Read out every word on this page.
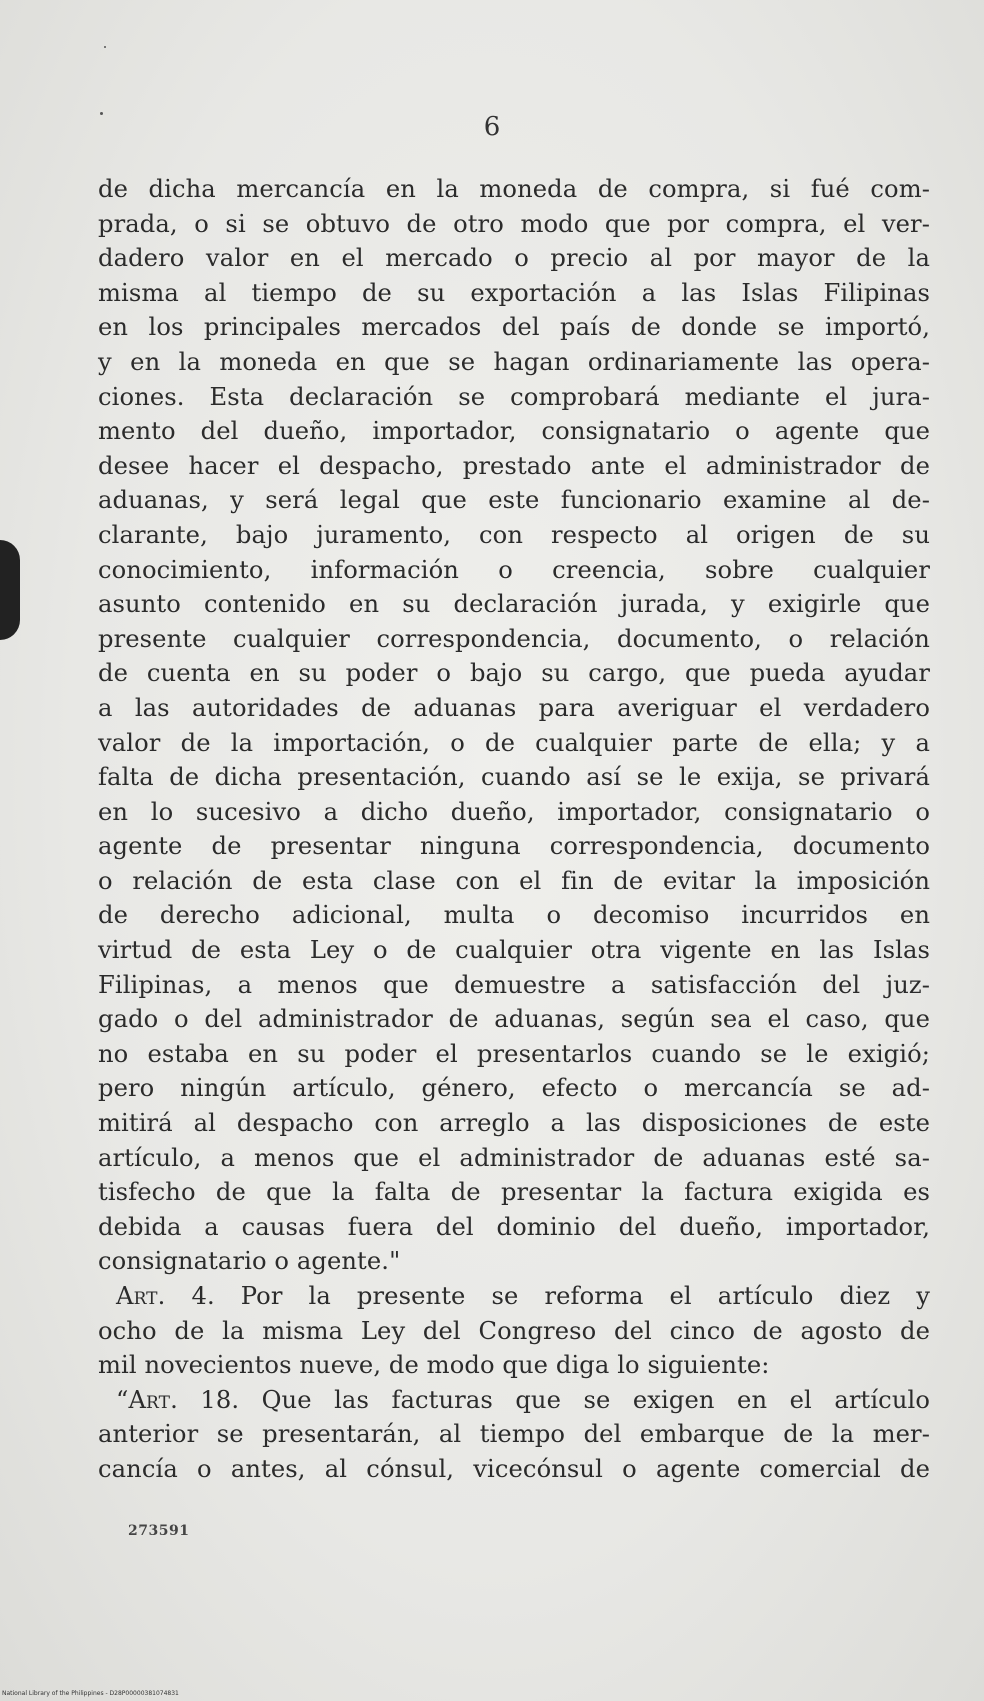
6
de dicha mercancía en la moneda de compra, si fué com-
prada, o si se obtuvo de otro modo que por compra, el ver-
dadero valor en el mercado o precio al por mayor de la
misma al tiempo de su exportación a las Islas Filipinas
en los principales mercados del país de donde se importó,
y en la moneda en que se hagan ordinariamente las opera-
ciones. Esta declaración se comprobará mediante el jura-
mento del dueño, importador, consignatario o agente que
desee hacer el despacho, prestado ante el administrador de
aduanas, y será legal que este funcionario examine al de-
clarante, bajo juramento, con respecto al origen de su
conocimiento, información o creencia, sobre cualquier
asunto contenido en su declaración jurada, y exigirle que
presente cualquier correspondencia, documento, o relación
de cuenta en su poder o bajo su cargo, que pueda ayudar
a las autoridades de aduanas para averiguar el verdadero
valor de la importación, o de cualquier parte de ella; y a
falta de dicha presentación, cuando así se le exija, se privará
en lo sucesivo a dicho dueño, importador, consignatario o
agente de presentar ninguna correspondencia, documento
o relación de esta clase con el fin de evitar la imposición
de derecho adicional, multa o decomiso incurridos en
virtud de esta Ley o de cualquier otra vigente en las Islas
Filipinas, a menos que demuestre a satisfacción del juz-
gado o del administrador de aduanas, según sea el caso, que
no estaba en su poder el presentarlos cuando se le exigió;
pero ningún artículo, género, efecto o mercancía se ad-
mitirá al despacho con arreglo a las disposiciones de este
artículo, a menos que el administrador de aduanas esté sa-
tisfecho de que la falta de presentar la factura exigida es
debida a causas fuera del dominio del dueño, importador,
consignatario o agente."
Art. 4. Por la presente se reforma el artículo diez y
ocho de la misma Ley del Congreso del cinco de agosto de
mil novecientos nueve, de modo que diga lo siguiente:
“Art. 18. Que las facturas que se exigen en el artículo
anterior se presentarán, al tiempo del embarque de la mer-
cancía o antes, al cónsul, vicecónsul o agente comercial de
273591
National Library of the Philippines - D28P00000381074831
